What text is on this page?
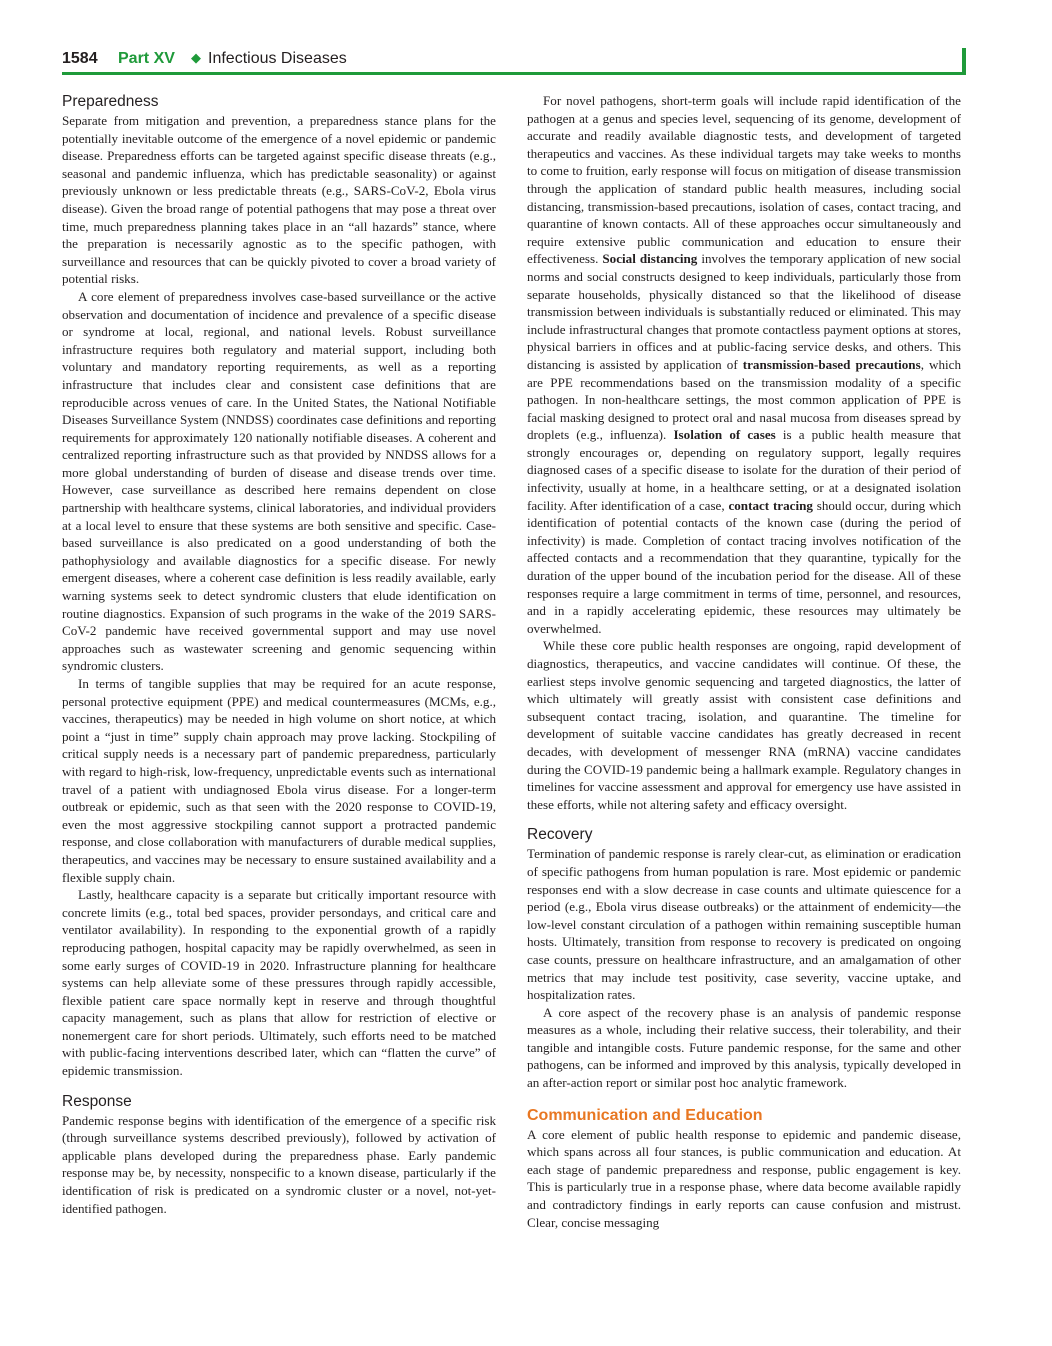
1584 Part XV ◆ Infectious Diseases
Preparedness

Separate from mitigation and prevention, a preparedness stance plans for the potentially inevitable outcome of the emergence of a novel epidemic or pandemic disease. Preparedness efforts can be targeted against specific disease threats (e.g., seasonal and pandemic influenza, which has predictable seasonality) or against previously unknown or less predictable threats (e.g., SARS-CoV-2, Ebola virus disease). Given the broad range of potential pathogens that may pose a threat over time, much preparedness planning takes place in an “all hazards” stance, where the preparation is necessarily agnostic as to the specific pathogen, with surveillance and resources that can be quickly pivoted to cover a broad variety of potential risks.

A core element of preparedness involves case-based surveillance or the active observation and documentation of incidence and prevalence of a specific disease or syndrome at local, regional, and national levels. Robust surveillance infrastructure requires both regulatory and material support, including both voluntary and mandatory reporting requirements, as well as a reporting infrastructure that includes clear and consistent case definitions that are reproducible across venues of care. In the United States, the National Notifiable Diseases Surveillance System (NNDSS) coordinates case definitions and reporting requirements for approximately 120 nationally notifiable diseases. A coherent and centralized reporting infrastructure such as that provided by NNDSS allows for a more global understanding of burden of disease and disease trends over time. However, case surveillance as described here remains dependent on close partnership with healthcare systems, clinical laboratories, and individual providers at a local level to ensure that these systems are both sensitive and specific. Case-based surveillance is also predicated on a good understanding of both the pathophysiology and available diagnostics for a specific disease. For newly emergent diseases, where a coherent case definition is less readily available, early warning systems seek to detect syndromic clusters that elude identification on routine diagnostics. Expansion of such programs in the wake of the 2019 SARS-CoV-2 pandemic have received governmental support and may use novel approaches such as wastewater screening and genomic sequencing within syndromic clusters.

In terms of tangible supplies that may be required for an acute response, personal protective equipment (PPE) and medical countermeasures (MCMs, e.g., vaccines, therapeutics) may be needed in high volume on short notice, at which point a “just in time” supply chain approach may prove lacking. Stockpiling of critical supply needs is a necessary part of pandemic preparedness, particularly with regard to high-risk, low-frequency, unpredictable events such as international travel of a patient with undiagnosed Ebola virus disease. For a longer-term outbreak or epidemic, such as that seen with the 2020 response to COVID-19, even the most aggressive stockpiling cannot support a protracted pandemic response, and close collaboration with manufacturers of durable medical supplies, therapeutics, and vaccines may be necessary to ensure sustained availability and a flexible supply chain.

Lastly, healthcare capacity is a separate but critically important resource with concrete limits (e.g., total bed spaces, provider persondays, and critical care and ventilator availability). In responding to the exponential growth of a rapidly reproducing pathogen, hospital capacity may be rapidly overwhelmed, as seen in some early surges of COVID-19 in 2020. Infrastructure planning for healthcare systems can help alleviate some of these pressures through rapidly accessible, flexible patient care space normally kept in reserve and through thoughtful capacity management, such as plans that allow for restriction of elective or nonemergent care for short periods. Ultimately, such efforts need to be matched with public-facing interventions described later, which can “flatten the curve” of epidemic transmission.

Response

Pandemic response begins with identification of the emergence of a specific risk (through surveillance systems described previously), followed by activation of applicable plans developed during the preparedness phase. Early pandemic response may be, by necessity, nonspecific to a known disease, particularly if the identification of risk is predicated on a syndromic cluster or a novel, not-yet-identified pathogen.

For novel pathogens, short-term goals will include rapid identification of the pathogen at a genus and species level, sequencing of its genome, development of accurate and readily available diagnostic tests, and development of targeted therapeutics and vaccines. As these individual targets may take weeks to months to come to fruition, early response will focus on mitigation of disease transmission through the application of standard public health measures, including social distancing, transmission-based precautions, isolation of cases, contact tracing, and quarantine of known contacts. All of these approaches occur simultaneously and require extensive public communication and education to ensure their effectiveness. Social distancing involves the temporary application of new social norms and social constructs designed to keep individuals, particularly those from separate households, physically distanced so that the likelihood of disease transmission between individuals is substantially reduced or eliminated. This may include infrastructural changes that promote contactless payment options at stores, physical barriers in offices and at public-facing service desks, and others. This distancing is assisted by application of transmission-based precautions, which are PPE recommendations based on the transmission modality of a specific pathogen. In non-healthcare settings, the most common application of PPE is facial masking designed to protect oral and nasal mucosa from diseases spread by droplets (e.g., influenza). Isolation of cases is a public health measure that strongly encourages or, depending on regulatory support, legally requires diagnosed cases of a specific disease to isolate for the duration of their period of infectivity, usually at home, in a healthcare setting, or at a designated isolation facility. After identification of a case, contact tracing should occur, during which identification of potential contacts of the known case (during the period of infectivity) is made. Completion of contact tracing involves notification of the affected contacts and a recommendation that they quarantine, typically for the duration of the upper bound of the incubation period for the disease. All of these responses require a large commitment in terms of time, personnel, and resources, and in a rapidly accelerating epidemic, these resources may ultimately be overwhelmed.

While these core public health responses are ongoing, rapid development of diagnostics, therapeutics, and vaccine candidates will continue. Of these, the earliest steps involve genomic sequencing and targeted diagnostics, the latter of which ultimately will greatly assist with consistent case definitions and subsequent contact tracing, isolation, and quarantine. The timeline for development of suitable vaccine candidates has greatly decreased in recent decades, with development of messenger RNA (mRNA) vaccine candidates during the COVID-19 pandemic being a hallmark example. Regulatory changes in timelines for vaccine assessment and approval for emergency use have assisted in these efforts, while not altering safety and efficacy oversight.

Recovery

Termination of pandemic response is rarely clear-cut, as elimination or eradication of specific pathogens from human population is rare. Most epidemic or pandemic responses end with a slow decrease in case counts and ultimate quiescence for a period (e.g., Ebola virus disease outbreaks) or the attainment of endemicity—the low-level constant circulation of a pathogen within remaining susceptible human hosts. Ultimately, transition from response to recovery is predicated on ongoing case counts, pressure on healthcare infrastructure, and an amalgamation of other metrics that may include test positivity, case severity, vaccine uptake, and hospitalization rates.

A core aspect of the recovery phase is an analysis of pandemic response measures as a whole, including their relative success, their tolerability, and their tangible and intangible costs. Future pandemic response, for the same and other pathogens, can be informed and improved by this analysis, typically developed in an after-action report or similar post hoc analytic framework.

Communication and Education

A core element of public health response to epidemic and pandemic disease, which spans across all four stances, is public communication and education. At each stage of pandemic preparedness and response, public engagement is key. This is particularly true in a response phase, where data become available rapidly and contradictory findings in early reports can cause confusion and mistrust. Clear, concise messaging
